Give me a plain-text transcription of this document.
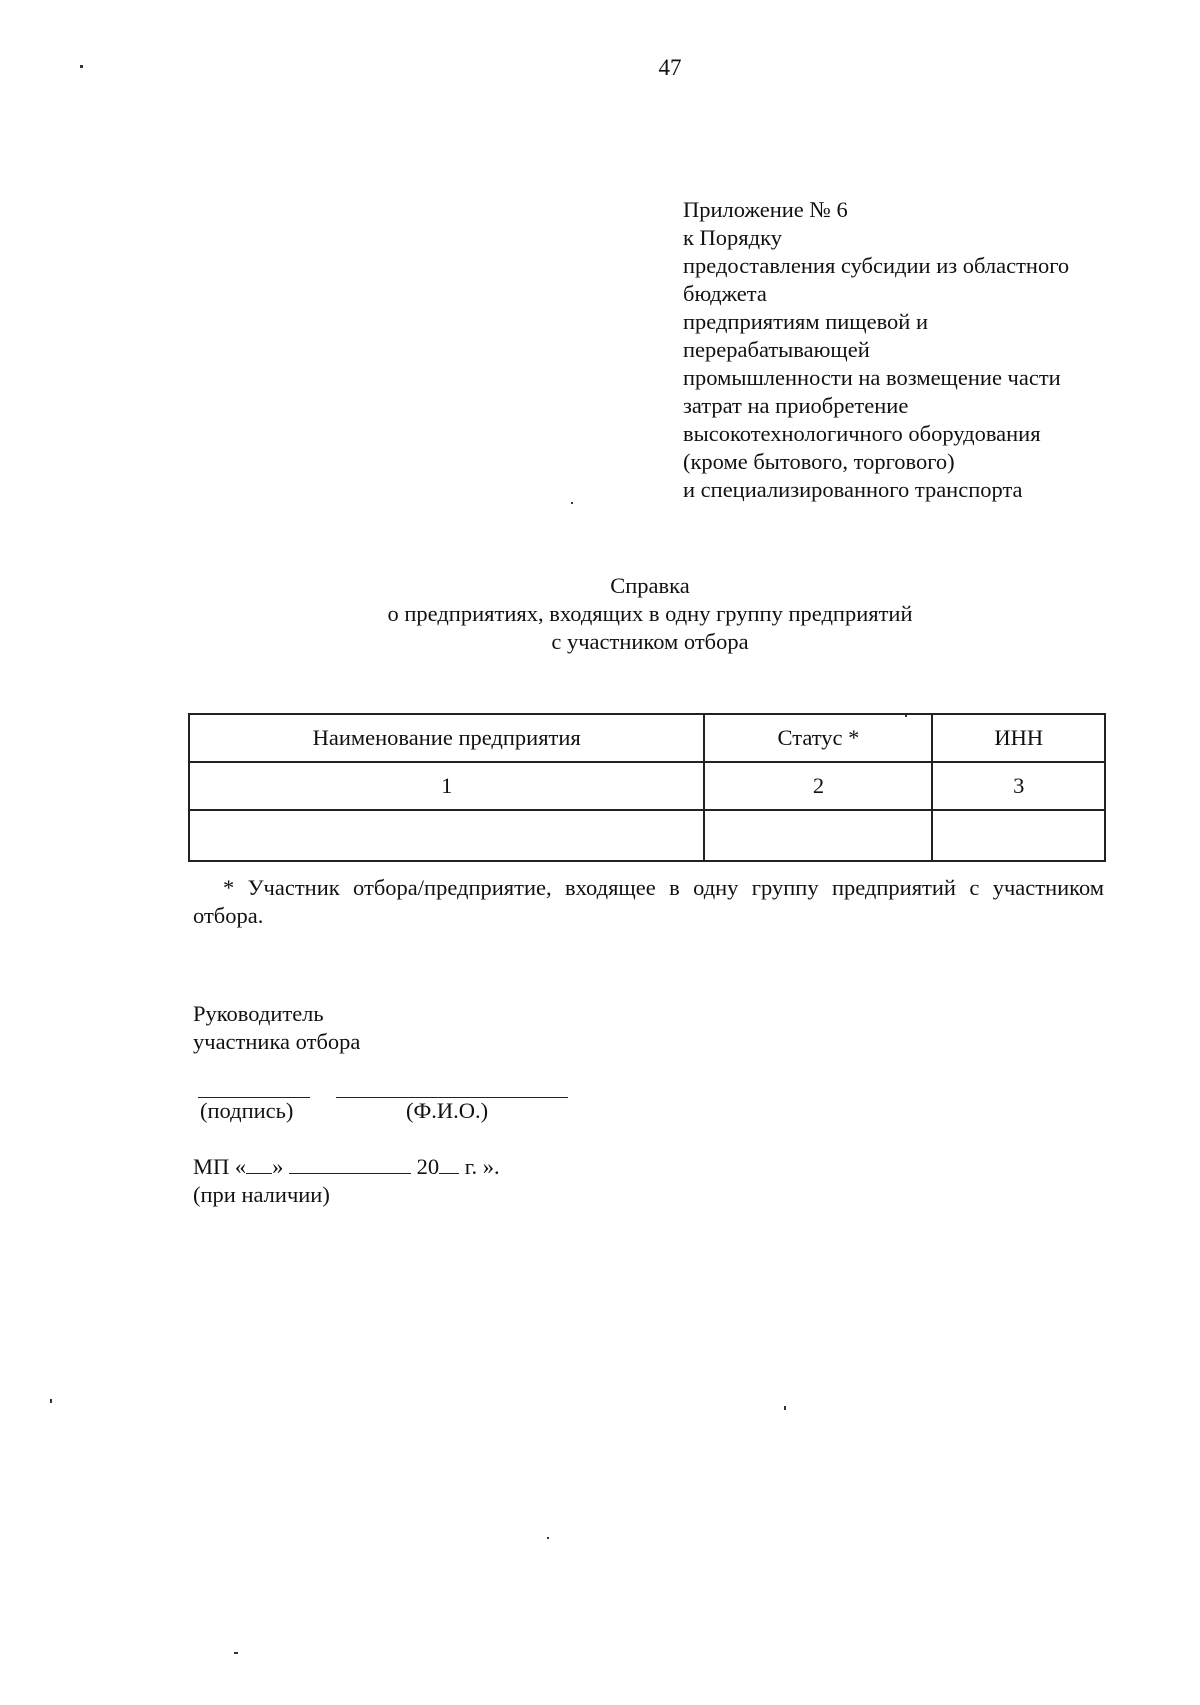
47
Приложение № 6
к Порядку
предоставления субсидии из областного
бюджета
предприятиям пищевой и
перерабатывающей
промышленности на возмещение части
затрат на приобретение
высокотехнологичного оборудования
(кроме бытового, торгового)
и специализированного транспорта
Справка
о предприятиях, входящих в одну группу предприятий
с участником отбора
Наименование предприятия	Статус *	ИНН
1	2	3

* Участник отбора/предприятие, входящее в одну группу предприятий с участником отбора.
Руководитель
участника отбора
(подпись)	(Ф.И.О.)
МП « »	20 г. ».
(при наличии)
